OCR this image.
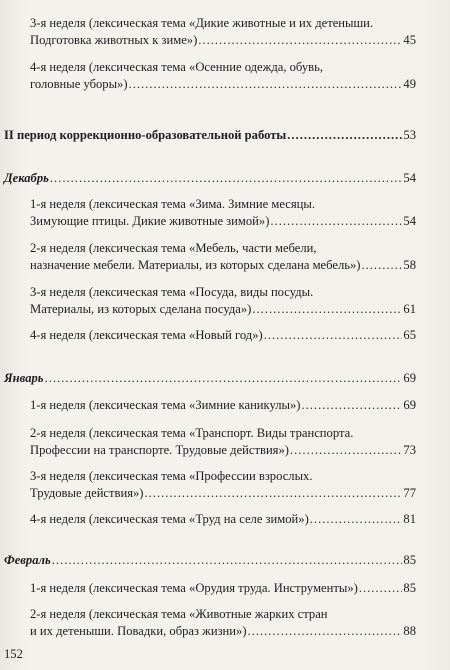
3-я неделя (лексическая тема «Дикие животные и их детеныши.
Подготовка животных к зиме») .....	45
4-я неделя (лексическая тема «Осенние одежда, обувь,
головные уборы») .....	49
II период коррекционно-образовательной работы .....	53
Декабрь .....	54
1-я неделя (лексическая тема «Зима. Зимние месяцы.
Зимующие птицы. Дикие животные зимой») .....	54
2-я неделя (лексическая тема «Мебель, части мебели,
назначение мебели. Материалы, из которых сделана мебель») .....	58
3-я неделя (лексическая тема «Посуда, виды посуды.
Материалы, из которых сделана посуда») .....	61
4-я неделя (лексическая тема «Новый год») .....	65
Январь .....	69
1-я неделя (лексическая тема «Зимние каникулы») .....	69
2-я неделя (лексическая тема «Транспорт. Виды транспорта.
Профессии на транспорте. Трудовые действия») .....	73
3-я неделя (лексическая тема «Профессии взрослых.
Трудовые действия») .....	77
4-я неделя (лексическая тема «Труд на селе зимой») .....	81
Февраль .....	85
1-я неделя (лексическая тема «Орудия труда. Инструменты») .....	85
2-я неделя (лексическая тема «Животные жарких стран
и их детеныши. Повадки, образ жизни») .....	88
152
